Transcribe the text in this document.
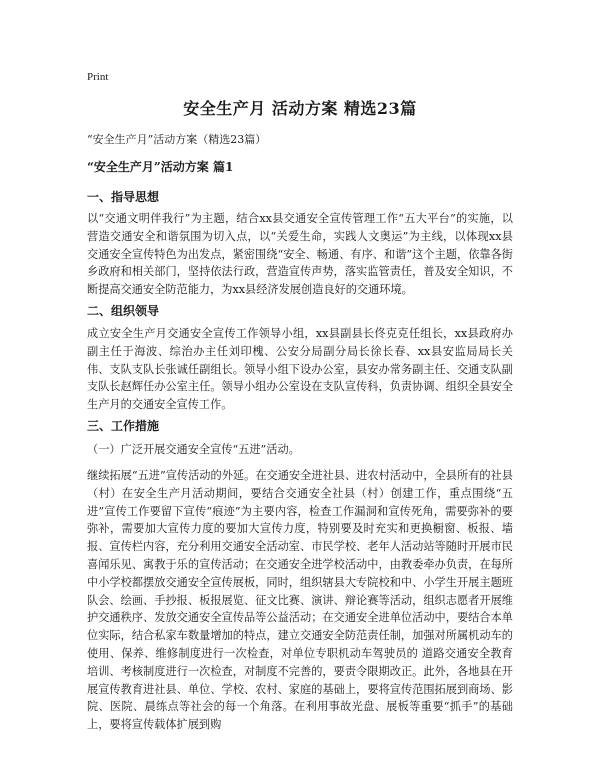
Print
安全生产月 活动方案 精选23篇
“安全生产月”活动方案（精选23篇）
“安全生产月”活动方案 篇1
一、指导思想
以“交通文明伴我行”为主题，结合xx县交通安全宣传管理工作“五大平台”的实施，以营造交通安全和谐氛围为切入点，以“关爱生命，实践人文奥运”为主线，以体现xx县交通安全宣传特色为出发点，紧密围绕“安全、畅通、有序、和谐”这个主题，依靠各街乡政府和相关部门，坚持依法行政，营造宣传声势，落实监管责任，普及安全知识，不断提高交通安全防范能力，为xx县经济发展创造良好的交通环境。
二、组织领导
成立安全生产月交通安全宣传工作领导小组，xx县副县长佟克克任组长，xx县政府办副主任于海波、综治办主任刘印槐、公安分局副分局长徐长春、xx县安监局局长关伟、支队支队长张诚任副组长。领导小组下设办公室，县安办常务副主任、交通支队副支队长赵辉任办公室主任。领导小组办公室设在支队宣传科，负责协调、组织全县安全生产月的交通安全宣传工作。
三、工作措施
（一）广泛开展交通安全宣传“五进”活动。
继续拓展“五进”宣传活动的外延。在交通安全进社县、进农村活动中，全县所有的社县（村）在安全生产月活动期间，要结合交通安全社县（村）创建工作，重点围绕“五进”宣传工作要留下宣传“痕迹”为主要内容，检查工作漏洞和宣传死角，需要弥补的要弥补，需要加大宣传力度的要加大宣传力度，特别要及时充实和更换橱窗、板报、墙报、宣传栏内容，充分利用交通安全活动室、市民学校、老年人活动站等随时开展市民喜闻乐见、寓教于乐的宣传活动；在交通安全进学校活动中，由教委牵办负责，在每所中小学校都摆放交通安全宣传展板，同时，组织辖县大专院校和中、小学生开展主题班队会、绘画、手抄报、板报展览、征文比赛、演讲、辩论赛等活动，组织志愿者开展维护交通秩序、发放交通安全宣传品等公益活动；在交通安全进单位活动中，要结合本单位实际，结合私家车数量增加的特点，建立交通安全防范责任制，加强对所属机动车的使用、保养、维修制度进行一次检查，对单位专职机动车驾驶员的 道路交通安全教育培训、考核制度进行一次检查，对制度不完善的，要责令限期改正。此外，各地县在开展宣传教育进社县、单位、学校、农村、家庭的基础上，要将宣传范围拓展到商场、影院、医院、晨练点等社会的每一个角落。在利用事故光盘、展板等重要“抓手”的基础上，要将宣传载体扩展到购
